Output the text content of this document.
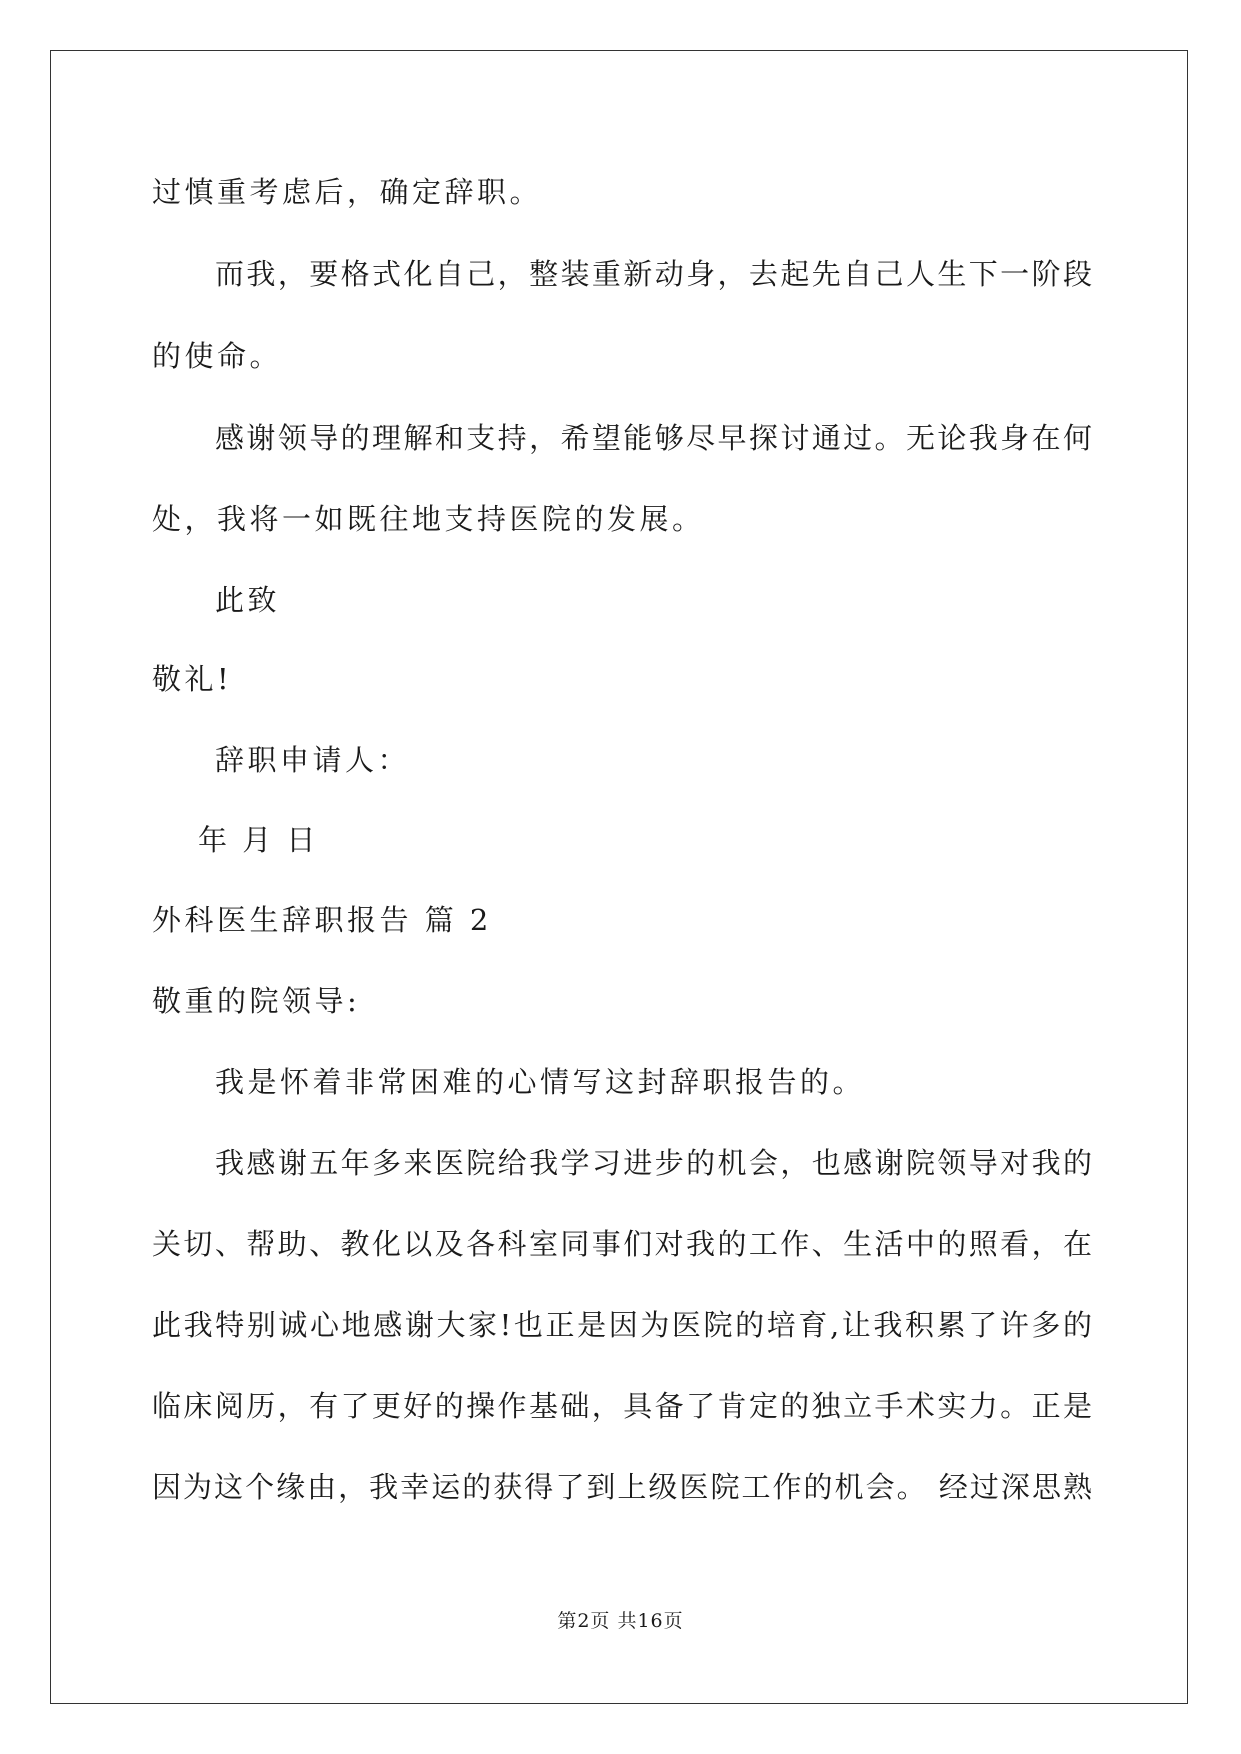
过慎重考虑后，确定辞职。
而我，要格式化自己，整装重新动身，去起先自己人生下一阶段
的使命。
感谢领导的理解和支持，希望能够尽早探讨通过。无论我身在何
处，我将一如既往地支持医院的发展。
此致
敬礼!
辞职申请人：
年 月 日
外科医生辞职报告 篇 2
敬重的院领导:
我是怀着非常困难的心情写这封辞职报告的。
我感谢五年多来医院给我学习进步的机会，也感谢院领导对我的
关切、帮助、教化以及各科室同事们对我的工作、生活中的照看，在
此我特别诚心地感谢大家!也正是因为医院的培育,让我积累了许多的
临床阅历，有了更好的操作基础，具备了肯定的独立手术实力。正是
因为这个缘由，我幸运的获得了到上级医院工作的机会。 经过深思熟
第2页 共16页
